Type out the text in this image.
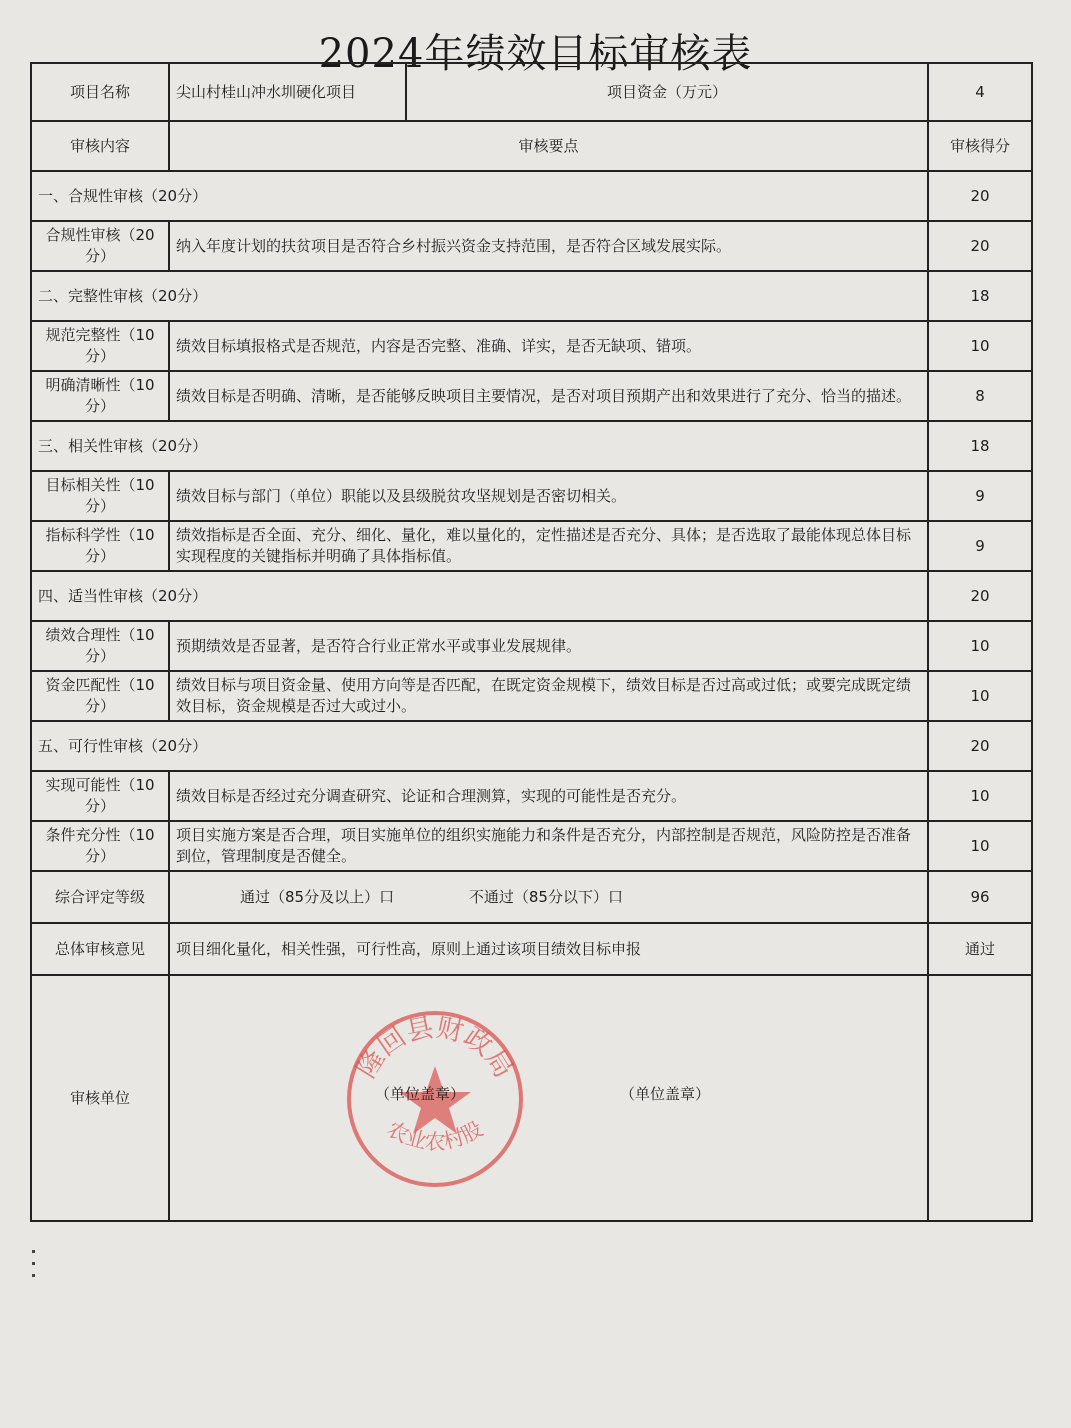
2024年绩效目标审核表
项目名称	尖山村桂山冲水圳硬化项目	项目资金（万元）	4
审核内容	审核要点		审核得分
一、合规性审核（20分）			20
合规性审核（20分）	纳入年度计划的扶贫项目是否符合乡村振兴资金支持范围，是否符合区域发展实际。		20
二、完整性审核（20分）			18
规范完整性（10分）	绩效目标填报格式是否规范，内容是否完整、准确、详实，是否无缺项、错项。		10
明确清晰性（10分）	绩效目标是否明确、清晰，是否能够反映项目主要情况，是否对项目预期产出和效果进行了充分、恰当的描述。		8
三、相关性审核（20分）			18
目标相关性（10分）	绩效目标与部门（单位）职能以及县级脱贫攻坚规划是否密切相关。		9
指标科学性（10分）	绩效指标是否全面、充分、细化、量化，难以量化的，定性描述是否充分、具体；是否选取了最能体现总体目标实现程度的关键指标并明确了具体指标值。		9
四、适当性审核（20分）			20
绩效合理性（10分）	预期绩效是否显著，是否符合行业正常水平或事业发展规律。		10
资金匹配性（10分）	绩效目标与项目资金量、使用方向等是否匹配，在既定资金规模下，绩效目标是否过高或过低；或要完成既定绩效目标，资金规模是否过大或过小。		10
五、可行性审核（20分）			20
实现可能性（10分）	绩效目标是否经过充分调查研究、论证和合理测算，实现的可能性是否充分。		10
条件充分性（10分）	项目实施方案是否合理，项目实施单位的组织实施能力和条件是否充分，内部控制是否规范，风险防控是否准备到位，管理制度是否健全。		10
综合评定等级	通过（85分及以上）口 不通过（85分以下）口		96
总体审核意见	项目细化量化，相关性强，可行性高，原则上通过该项目绩效目标申报		通过
审核单位	隆回县财政局
农业农村股
（单位盖章） （单位盖章）		
